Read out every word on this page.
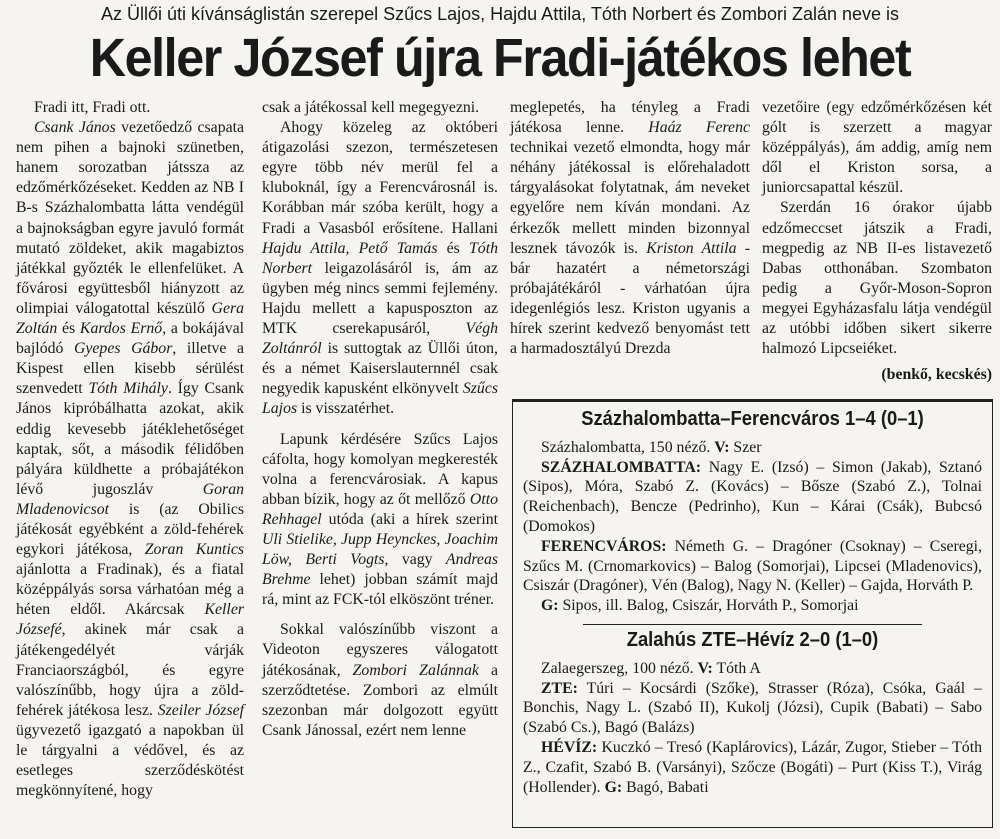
Az Üllői úti kívánságlistán szerepel Szűcs Lajos, Hajdu Attila, Tóth Norbert és Zombori Zalán neve is
Keller József újra Fradi-játékos lehet

Fradi itt, Fradi ott.

Csank János vezetőedző csapata nem pihen a bajnoki szünetben, hanem sorozatban játssza az edzőmérkőzéseket. Kedden az NB I B-s Százhalombatta látta vendégül a bajnokságban egyre javuló formát mutató zöldeket, akik magabiztos játékkal győzték le ellenfelüket. A fővárosi együttesből hiányzott az olimpiai válogatottal készülő Gera Zoltán és Kardos Ernő, a bokájával bajlódó Gyepes Gábor, illetve a Kispest ellen kisebb sérülést szenvedett Tóth Mihály. Így Csank János kipróbálhatta azokat, akik eddig kevesebb játéklehetőséget kaptak, sőt, a második félidőben pályára küldhette a próbajátékon lévő jugoszláv Goran Mladenovicsot is (az Obilics játékosát egyébként a zöld-fehérek egykori játékosa, Zoran Kuntics ajánlotta a Fradinak), és a fiatal középpályás sorsa várhatóan még a héten eldől. Akárcsak Keller Józsefé, akinek már csak a játékengedélyét várják Franciaországból, és egyre valószínűbb, hogy újra a zöld-fehérek játékosa lesz. Szeiler József ügyvezető igazgató a napokban ül le tárgyalni a védővel, és az esetleges szerződéskötést megkönnyítené, hogy

csak a játékossal kell megegyezni.

Ahogy közeleg az októberi átigazolási szezon, természetesen egyre több név merül fel a kluboknál, így a Ferencvárosnál is. Korábban már szóba került, hogy a Fradi a Vasasból erősítene. Hallani Hajdu Attila, Pető Tamás és Tóth Norbert leigazolásáról is, ám az ügyben még nincs semmi fejlemény. Hajdu mellett a kapusposzton az MTK cserekapusáról, Végh Zoltánról is suttogtak az Üllői úton, és a német Kaiserslauternnél csak negyedik kapusként elkönyvelt Szűcs Lajos is visszatérhet.

Lapunk kérdésére Szűcs Lajos cáfolta, hogy komolyan megkeresték volna a ferencvárosiak. A kapus abban bízik, hogy az őt mellőző Otto Rehhagel utóda (aki a hírek szerint Uli Stielike, Jupp Heynckes, Joachim Löw, Berti Vogts, vagy Andreas Brehme lehet) jobban számít majd rá, mint az FCK-tól elköszönt tréner.

Sokkal valószínűbb viszont a Videoton egyszeres válogatott játékosának, Zombori Zalánnak a szerződtetése. Zombori az elmúlt szezonban már dolgozott együtt Csank Jánossal, ezért nem lenne

meglepetés, ha tényleg a Fradi játékosa lenne. Haáz Ferenc technikai vezető elmondta, hogy már néhány játékossal is előrehaladott tárgyalásokat folytatnak, ám neveket egyelőre nem kíván mondani. Az érkezők mellett minden bizonnyal lesznek távozók is. Kriston Attila - bár hazatért a németországi próbajátékáról - várhatóan újra idegenlégiós lesz. Kriston ugyanis a hírek szerint kedvező benyomást tett a harmadosztályú Drezda

vezetőire (egy edzőmérkőzésen két gólt is szerzett a magyar középpályás), ám addig, amíg nem dől el Kriston sorsa, a juniorcsapattal készül.

Szerdán 16 órakor újabb edzőmeccset játszik a Fradi, megpedig az NB II-es listavezető Dabas otthonában. Szombaton pedig a Győr-Moson-Sopron megyei Egyházasfalu látja vendégül az utóbbi időben sikert sikerre halmozó Lipcseiéket.

(benkő, kecskés)

Százhalombatta–Ferencváros 1–4 (0–1)

Százhalombatta, 150 néző. V: Szer

SZÁZHALOMBATTA: Nagy E. (Izsó) – Simon (Jakab), Sztanó (Sipos), Móra, Szabó Z. (Kovács) – Bősze (Szabó Z.), Tolnai (Reichenbach), Bencze (Pedrinho), Kun – Kárai (Csák), Bubcsó (Domokos)

FERENCVÁROS: Németh G. – Dragóner (Csoknay) – Cseregi, Szűcs M. (Crnomarkovics) – Balog (Somorjai), Lipcsei (Mladenovics), Csiszár (Dragóner), Vén (Balog), Nagy N. (Keller) – Gajda, Horváth P.

G: Sipos, ill. Balog, Csiszár, Horváth P., Somorjai

Zalahús ZTE–Hévíz 2–0 (1–0)

Zalaegerszeg, 100 néző. V: Tóth A

ZTE: Túri – Kocsárdi (Szőke), Strasser (Róza), Csóka, Gaál – Bonchis, Nagy L. (Szabó II), Kukolj (Józsi), Cupik (Babati) – Sabo (Szabó Cs.), Bagó (Balázs)

HÉVÍZ: Kuczkó – Tresó (Kaplárovics), Lázár, Zugor, Stieber – Tóth Z., Czafit, Szabó B. (Varsányi), Szőcze (Bogáti) – Purt (Kiss T.), Virág (Hollender). G: Bagó, Babati
